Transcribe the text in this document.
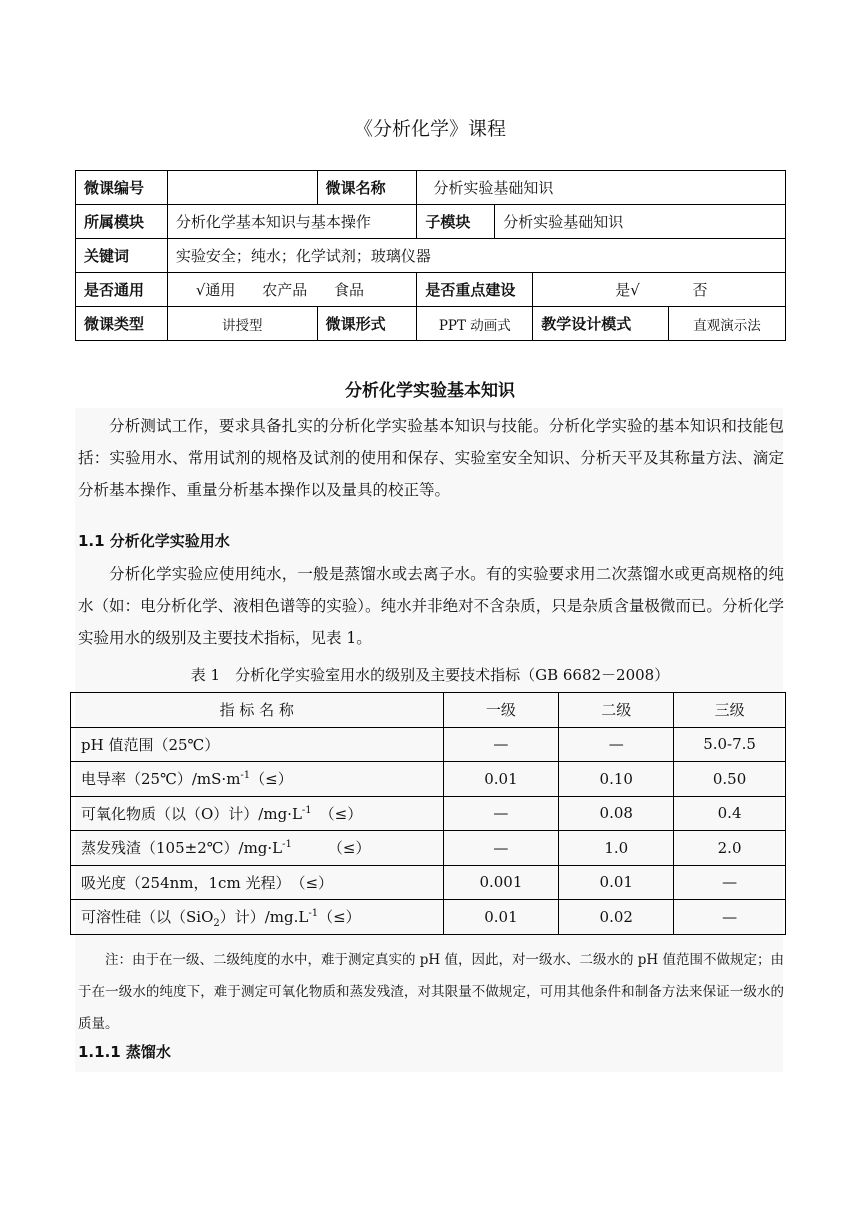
《分析化学》课程
微课编号		微课名称	分析实验基础知识			
所属模块	分析化学基本知识与基本操作		子模块	分析实验基础知识		
关键词	实验安全；纯水；化学试剂；玻璃仪器					
是否通用	√通用 农产品 食品		是否重点建设		是√ 否	
微课类型	讲授型	微课形式	PPT 动画式		教学设计模式	直观演示法
分析化学实验基本知识

分析测试工作，要求具备扎实的分析化学实验基本知识与技能。分析化学实验的基本知识和技能包括：实验用水、常用试剂的规格及试剂的使用和保存、实验室安全知识、分析天平及其称量方法、滴定分析基本操作、重量分析基本操作以及量具的校正等。

1.1 分析化学实验用水

分析化学实验应使用纯水，一般是蒸馏水或去离子水。有的实验要求用二次蒸馏水或更高规格的纯水（如：电分析化学、液相色谱等的实验）。纯水并非绝对不含杂质，只是杂质含量极微而已。分析化学实验用水的级别及主要技术指标，见表 1。

表 1　分析化学实验室用水的级别及主要技术指标（GB 6682－2008）
指 标 名 称	一级	二级	三级
pH 值范围（25℃）	—	—	5.0-7.5
电导率$(25℃)/mS\cdot m^{-1}(\le)$	0.01	0.10	0.50
可氧化物质（以（O）计）$/mg\cdot L^{-1}$ （≤）	—	0.08	0.4
蒸发残渣$(105\pm 2℃)/mg\cdot L^{-1}$ （≤）	—	1.0	2.0
吸光度（254nm，1cm 光程）　（≤）	0.001	0.01	—
可溶性硅（以（SiO$_2$）计）$/mg.L^{-1}(\le)$	0.01	0.02	—

注：由于在一级、二级纯度的水中，难于测定真实的 pH 值，因此，对一级水、二级水的 pH 值范围不做规定；由于在一级水的纯度下，难于测定可氧化物质和蒸发残渣，对其限量不做规定，可用其他条件和制备方法来保证一级水的质量。

1.1.1 蒸馏水
